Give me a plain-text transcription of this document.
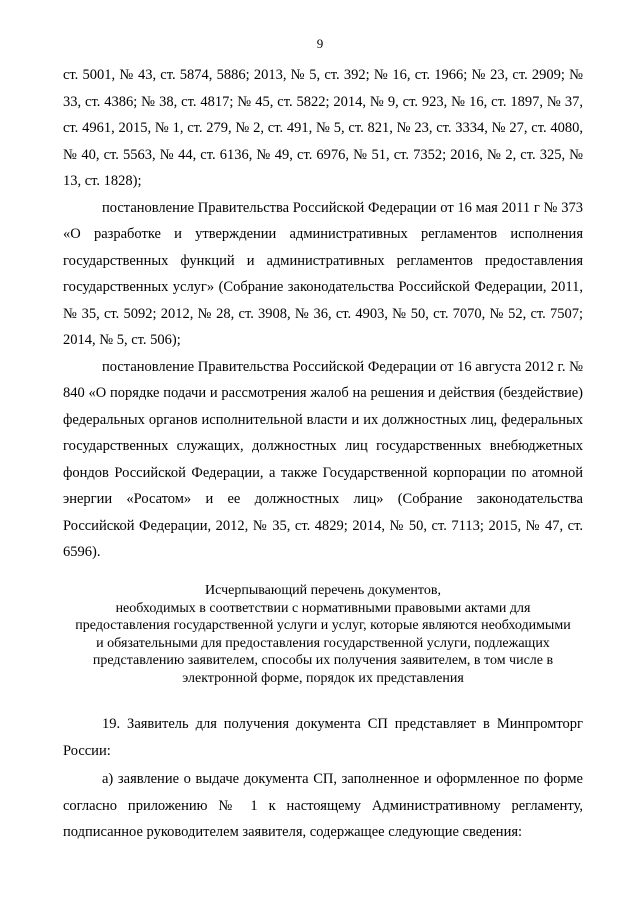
9

ст. 5001, № 43, ст. 5874, 5886; 2013, № 5, ст. 392; № 16, ст. 1966; № 23, ст. 2909; № 33, ст. 4386; № 38, ст. 4817; № 45, ст. 5822; 2014, № 9, ст. 923, № 16, ст. 1897, № 37, ст. 4961, 2015, № 1, ст. 279, № 2, ст. 491, № 5, ст. 821, № 23, ст. 3334, № 27, ст. 4080, № 40, ст. 5563, № 44, ст. 6136, № 49, ст. 6976, № 51, ст. 7352; 2016, № 2, ст. 325, № 13, ст. 1828);

постановление Правительства Российской Федерации от 16 мая 2011 г № 373 «О разработке и утверждении административных регламентов исполнения государственных функций и административных регламентов предоставления государственных услуг» (Собрание законодательства Российской Федерации, 2011, № 35, ст. 5092; 2012, № 28, ст. 3908, № 36, ст. 4903, № 50, ст. 7070, № 52, ст. 7507; 2014, № 5, ст. 506);

постановление Правительства Российской Федерации от 16 августа 2012 г. № 840 «О порядке подачи и рассмотрения жалоб на решения и действия (бездействие) федеральных органов исполнительной власти и их должностных лиц, федеральных государственных служащих, должностных лиц государственных внебюджетных фондов Российской Федерации, а также Государственной корпорации по атомной энергии «Росатом» и ее должностных лиц» (Собрание законодательства Российской Федерации, 2012, № 35, ст. 4829; 2014, № 50, ст. 7113; 2015, № 47, ст. 6596).

Исчерпывающий перечень документов,
необходимых в соответствии с нормативными правовыми актами для
предоставления государственной услуги и услуг, которые являются необходимыми
и обязательными для предоставления государственной услуги, подлежащих
представлению заявителем, способы их получения заявителем, в том числе в
электронной форме, порядок их представления

19. Заявитель для получения документа СП представляет в Минпромторг России:

а) заявление о выдаче документа СП, заполненное и оформленное по форме согласно приложению № 1 к настоящему Административному регламенту, подписанное руководителем заявителя, содержащее следующие сведения:
